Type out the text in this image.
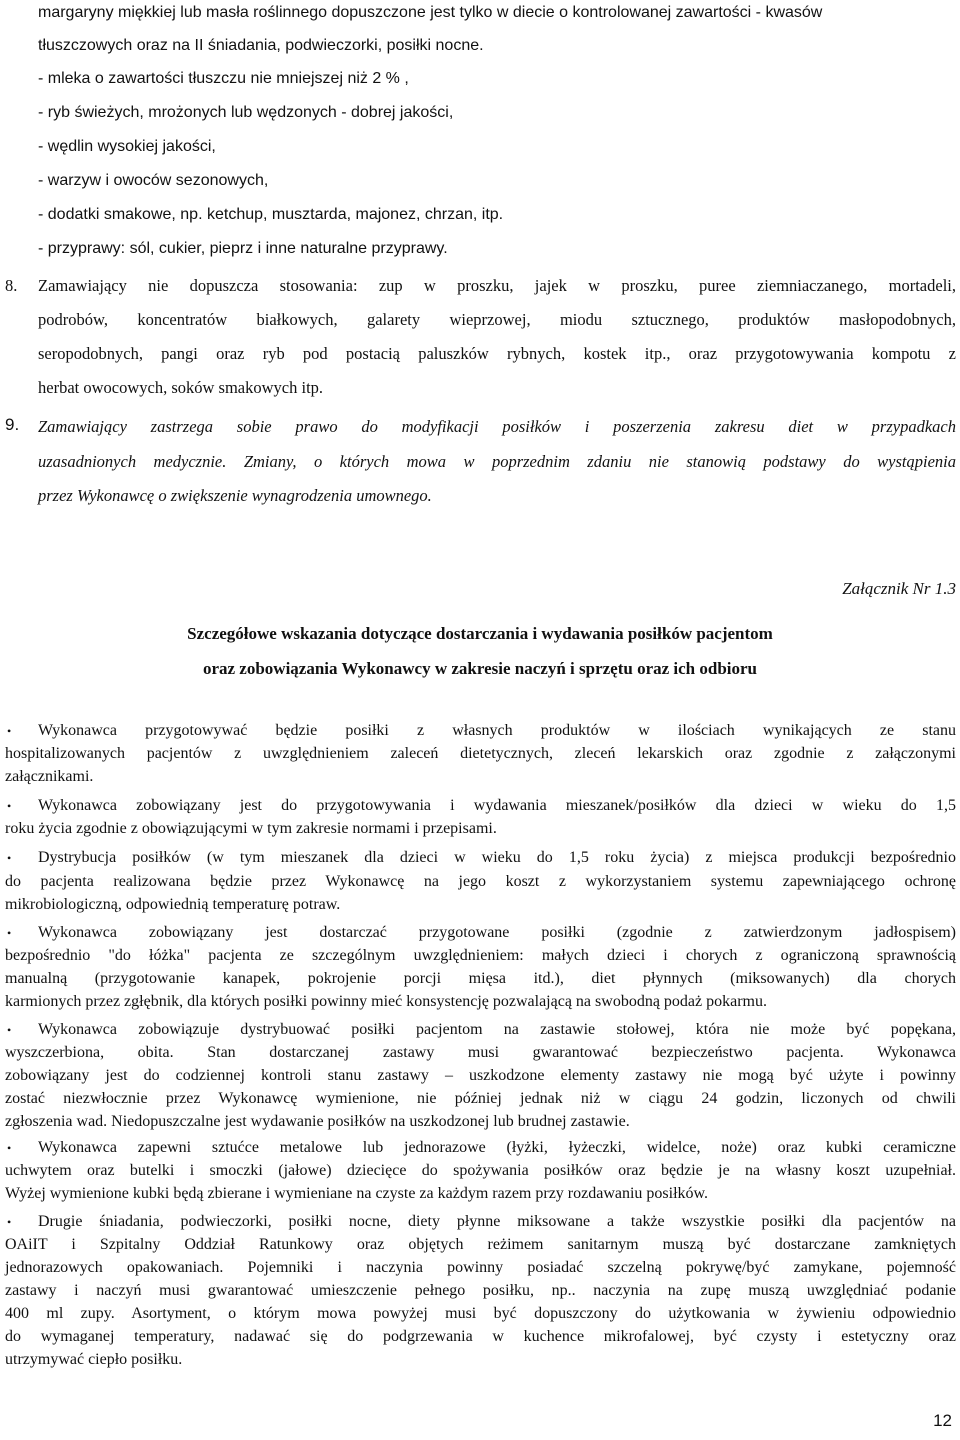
margaryny miękkiej lub masła roślinnego dopuszczone jest tylko w diecie o kontrolowanej zawartości - kwasów
tłuszczowych oraz na II śniadania, podwieczorki, posiłki nocne.
- mleka o zawartości tłuszczu nie mniejszej niż 2 % ,
- ryb świeżych, mrożonych lub wędzonych - dobrej jakości,
- wędlin wysokiej jakości,
- warzyw i owoców sezonowych,
- dodatki smakowe, np. ketchup, musztarda, majonez, chrzan, itp.
- przyprawy: sól, cukier, pieprz i inne naturalne przyprawy.
8. Zamawiający nie dopuszcza stosowania: zup w proszku, jajek w proszku, puree ziemniaczanego, mortadeli,
podrobów, koncentratów białkowych, galarety wieprzowej, miodu sztucznego, produktów masłopodobnych,
seropodobnych, pangi oraz ryb pod postacią paluszków rybnych, kostek itp., oraz przygotowywania kompotu z
herbat owocowych, soków smakowych itp.
9. Zamawiający zastrzega sobie prawo do modyfikacji posiłków i poszerzenia zakresu diet w przypadkach
uzasadnionych medycznie. Zmiany, o których mowa w poprzednim zdaniu nie stanowią podstawy do wystąpienia
przez Wykonawcę o zwiększenie wynagrodzenia umownego.
Załącznik Nr 1.3
Szczegółowe wskazania dotyczące dostarczania i wydawania posiłków pacjentom
oraz zobowiązania Wykonawcy w zakresie naczyń i sprzętu oraz ich odbioru
• Wykonawca przygotowywać będzie posiłki z własnych produktów w ilościach wynikających ze stanu
hospitalizowanych pacjentów z uwzględnieniem zaleceń dietetycznych, zleceń lekarskich oraz zgodnie z załączonymi
załącznikami.
• Wykonawca zobowiązany jest do przygotowywania i wydawania mieszanek/posiłków dla dzieci w wieku do 1,5
roku życia zgodnie z obowiązującymi w tym zakresie normami i przepisami.
• Dystrybucja posiłków (w tym mieszanek dla dzieci w wieku do 1,5 roku życia) z miejsca produkcji bezpośrednio
do pacjenta realizowana będzie przez Wykonawcę na jego koszt z wykorzystaniem systemu zapewniającego ochronę
mikrobiologiczną, odpowiednią temperaturę potraw.
• Wykonawca zobowiązany jest dostarczać przygotowane posiłki (zgodnie z zatwierdzonym jadłospisem)
bezpośrednio "do łóżka" pacjenta ze szczególnym uwzględnieniem: małych dzieci i chorych z ograniczoną sprawnością
manualną (przygotowanie kanapek, pokrojenie porcji mięsa itd.), diet płynnych (miksowanych) dla chorych
karmionych przez zgłębnik, dla których posiłki powinny mieć konsystencję pozwalającą na swobodną podaż pokarmu.
• Wykonawca zobowiązuje dystrybuować posiłki pacjentom na zastawie stołowej, która nie może być popękana,
wyszczerbiona, obita. Stan dostarczanej zastawy musi gwarantować bezpieczeństwo pacjenta. Wykonawca
zobowiązany jest do codziennej kontroli stanu zastawy – uszkodzone elementy zastawy nie mogą być użyte i powinny
zostać niezwłocznie przez Wykonawcę wymienione, nie później jednak niż w ciągu 24 godzin, liczonych od chwili
zgłoszenia wad. Niedopuszczalne jest wydawanie posiłków na uszkodzonej lub brudnej zastawie.
• Wykonawca zapewni sztućce metalowe lub jednorazowe (łyżki, łyżeczki, widelce, noże) oraz kubki ceramiczne
uchwytem oraz butelki i smoczki (jałowe) dziecięce do spożywania posiłków oraz będzie je na własny koszt uzupełniał.
Wyżej wymienione kubki będą zbierane i wymieniane na czyste za każdym razem przy rozdawaniu posiłków.
• Drugie śniadania, podwieczorki, posiłki nocne, diety płynne miksowane a także wszystkie posiłki dla pacjentów na
OAiIT i Szpitalny Oddział Ratunkowy oraz objętych reżimem sanitarnym muszą być dostarczane zamkniętych
jednorazowych opakowaniach. Pojemniki i naczynia powinny posiadać szczelną pokrywę/być zamykane, pojemność
zastawy i naczyń musi gwarantować umieszczenie pełnego posiłku, np.. naczynia na zupę muszą uwzględniać podanie
400 ml zupy. Asortyment, o którym mowa powyżej musi być dopuszczony do użytkowania w żywieniu odpowiednio
do wymaganej temperatury, nadawać się do podgrzewania w kuchence mikrofalowej, być czysty i estetyczny oraz
utrzymywać ciepło posiłku.
12
